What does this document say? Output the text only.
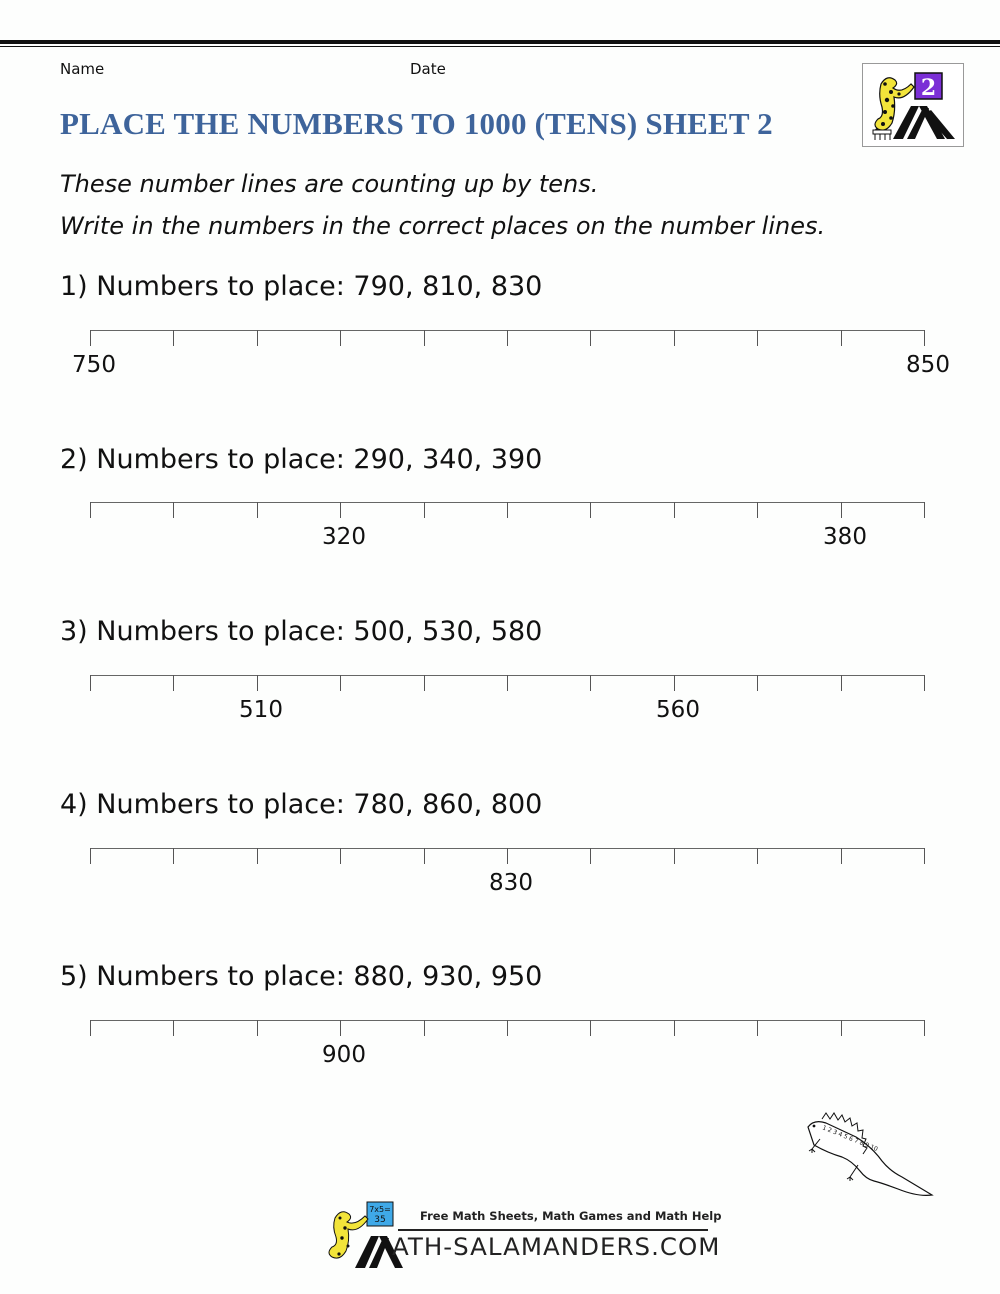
Name	Date
PLACE THE NUMBERS TO 1000 (TENS) SHEET 2
2

These number lines are counting up by tens.

Write in the numbers in the correct places on the number lines.

1) Numbers to place: 790, 810, 830
750	850
2) Numbers to place: 290, 340, 390
320	380
3) Numbers to place: 500, 530, 580
510	560
4) Numbers to place: 780, 860, 800
830
5) Numbers to place: 880, 930, 950
900
1 2 3 4 5 6 7 8 9 10
7x5=
35	Free Math Sheets, Math Games and Math Help
ATH-SALAMANDERS.COM
